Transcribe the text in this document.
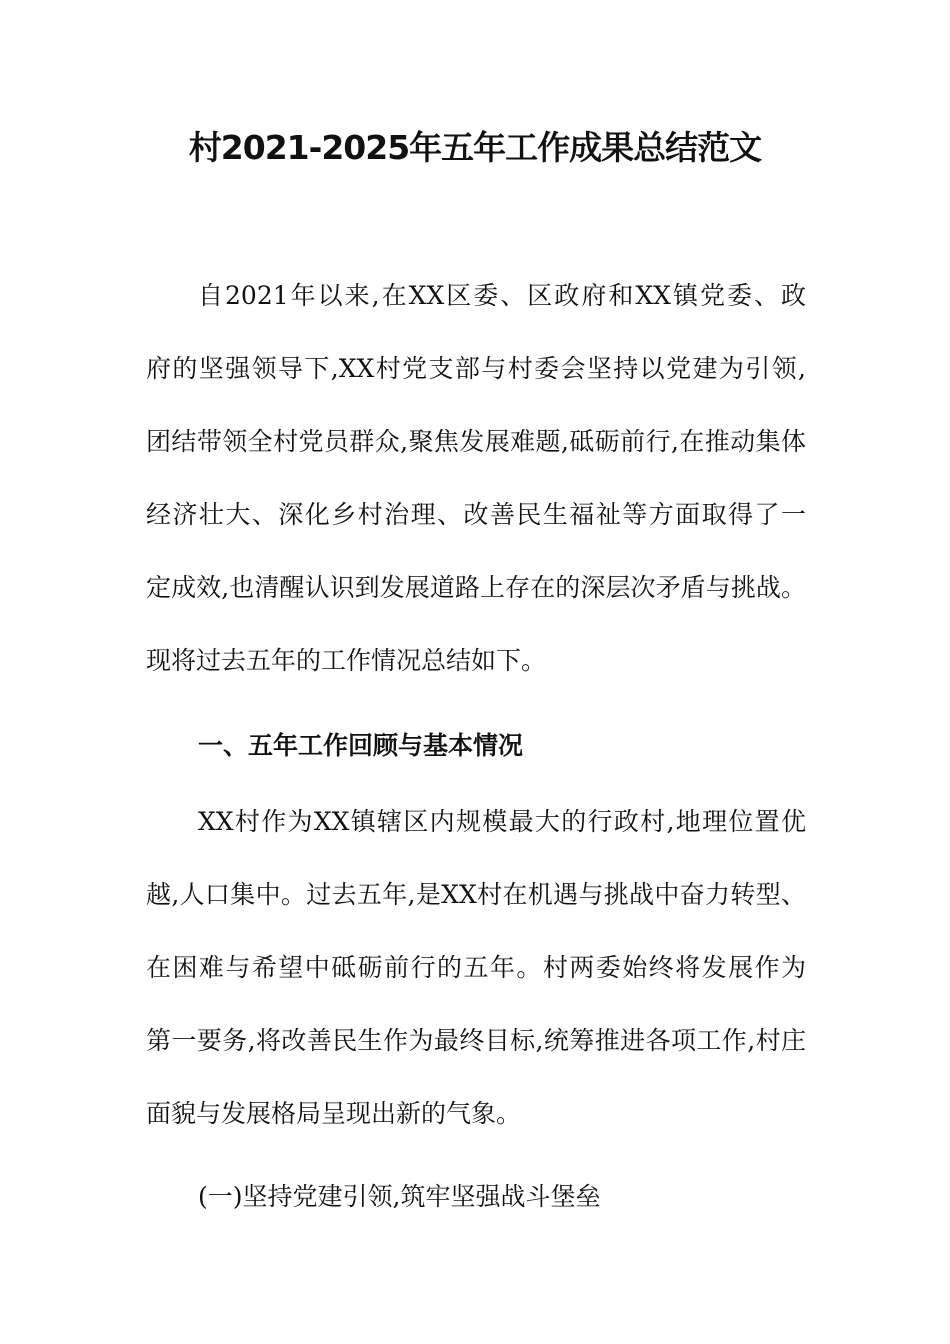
村2021-2025年五年工作成果总结范文
自2021年以来,在XX区委、区政府和XX镇党委、政
府的坚强领导下,XX村党支部与村委会坚持以党建为引领,
团结带领全村党员群众,聚焦发展难题,砥砺前行,在推动集体
经济壮大、深化乡村治理、改善民生福祉等方面取得了一
定成效,也清醒认识到发展道路上存在的深层次矛盾与挑战。
现将过去五年的工作情况总结如下。
一、五年工作回顾与基本情况
XX村作为XX镇辖区内规模最大的行政村,地理位置优
越,人口集中。过去五年,是XX村在机遇与挑战中奋力转型、
在困难与希望中砥砺前行的五年。村两委始终将发展作为
第一要务,将改善民生作为最终目标,统筹推进各项工作,村庄
面貌与发展格局呈现出新的气象。
(一)坚持党建引领,筑牢坚强战斗堡垒
